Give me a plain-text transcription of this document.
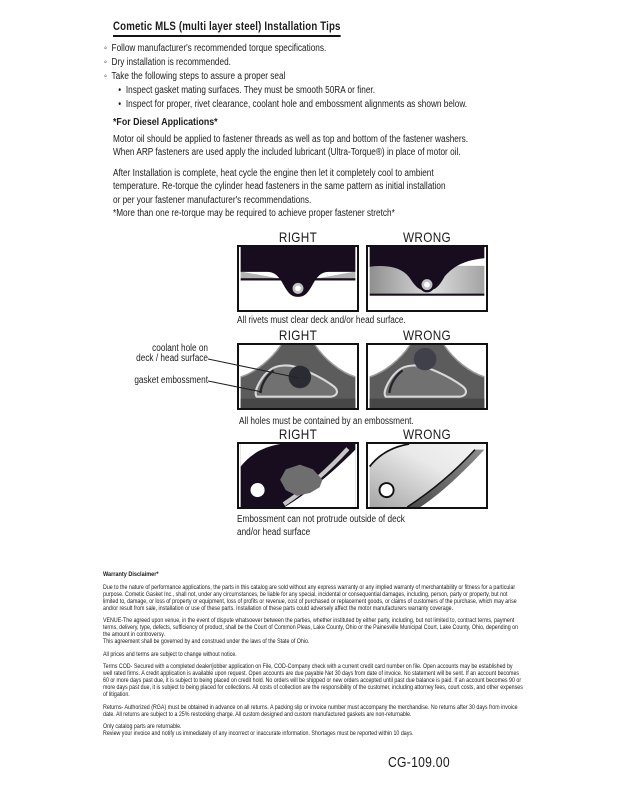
Cometic MLS (multi layer steel) Installation Tips
◦ Follow manufacturer's recommended torque specifications.
◦ Dry installation is recommended.
◦ Take the following steps to assure a proper seal
• Inspect gasket mating surfaces. They must be smooth 50RA or finer.
• Inspect for proper, rivet clearance, coolant hole and embossment alignments as shown below.
*For Diesel Applications*
Motor oil should be applied to fastener threads as well as top and bottom of the fastener washers.
When ARP fasteners are used apply the included lubricant (Ultra-Torque®) in place of motor oil.
After Installation is complete, heat cycle the engine then let it completely cool to ambient
temperature. Re-torque the cylinder head fasteners in the same pattern as initial installation
or per your fastener manufacturer's recommendations.
*More than one re-torque may be required to achieve proper fastener stretch*
RIGHT	WRONG
All rivets must clear deck and/or head surface.
RIGHT	WRONG
coolant hole on
deck / head surface
gasket embossment
All holes must be contained by an embossment.
RIGHT	WRONG
Embossment can not protrude outside of deck
and/or head surface

Warranty Disclaimer*

Due to the nature of performance applications, the parts in this catalog are sold without any express warranty or any implied warranty of merchantability or fitness for a particular purpose. Cometic Gasket Inc., shall not, under any circumstances, be liable for any special, incidental or consequential damages, including, person, party or property, but not limited to, damage, or loss of property or equipment, loss of profits or revenue, cost of purchased or replacement goods, or claims of customers of the purchase, which may arise and/or result from sale, installation or use of these parts. Installation of these parts could adversely affect the motor manufacturers warranty coverage.

VENUE-The agreed upon venue, in the event of dispute whatsoever between the parties, whether instituted by either party, including, but not limited to, contract terms, payment terms, delivery, type, defects, sufficiency of product, shall be the Court of Common Pleas, Lake County, Ohio or the Painesville Municipal Court, Lake County, Ohio, depending on the amount in controversy.

This agreement shall be governed by and construed under the laws of the State of Ohio.

All prices and terms are subject to change without notice.

Terms COD- Secured with a completed dealer/jobber application on File, COD-Company check with a current credit card number on file. Open accounts may be established by well rated firms. A credit application is available upon request. Open accounts are due payable Net 30 days from date of invoice. No statement will be sent. If an account becomes 60 or more days past due, it is subject to being placed on credit hold. No orders will be shipped or new orders accepted until past due balance is paid. If an account becomes 90 or more days past due, it is subject to being placed for collections. All costs of collection are the responsibility of the customer, including attorney fees, court costs, and other expenses of litigation.

Returns- Authorized (RGA) must be obtained in advance on all returns. A packing slip or invoice number must accompany the merchandise. No returns after 30 days from invoice date. All returns are subject to a 25% restocking charge. All custom designed and custom manufactured gaskets are non-returnable.

Only catalog parts are returnable.

Review your invoice and notify us immediately of any incorrect or inaccurate information. Shortages must be reported within 10 days.

CG-109.00
